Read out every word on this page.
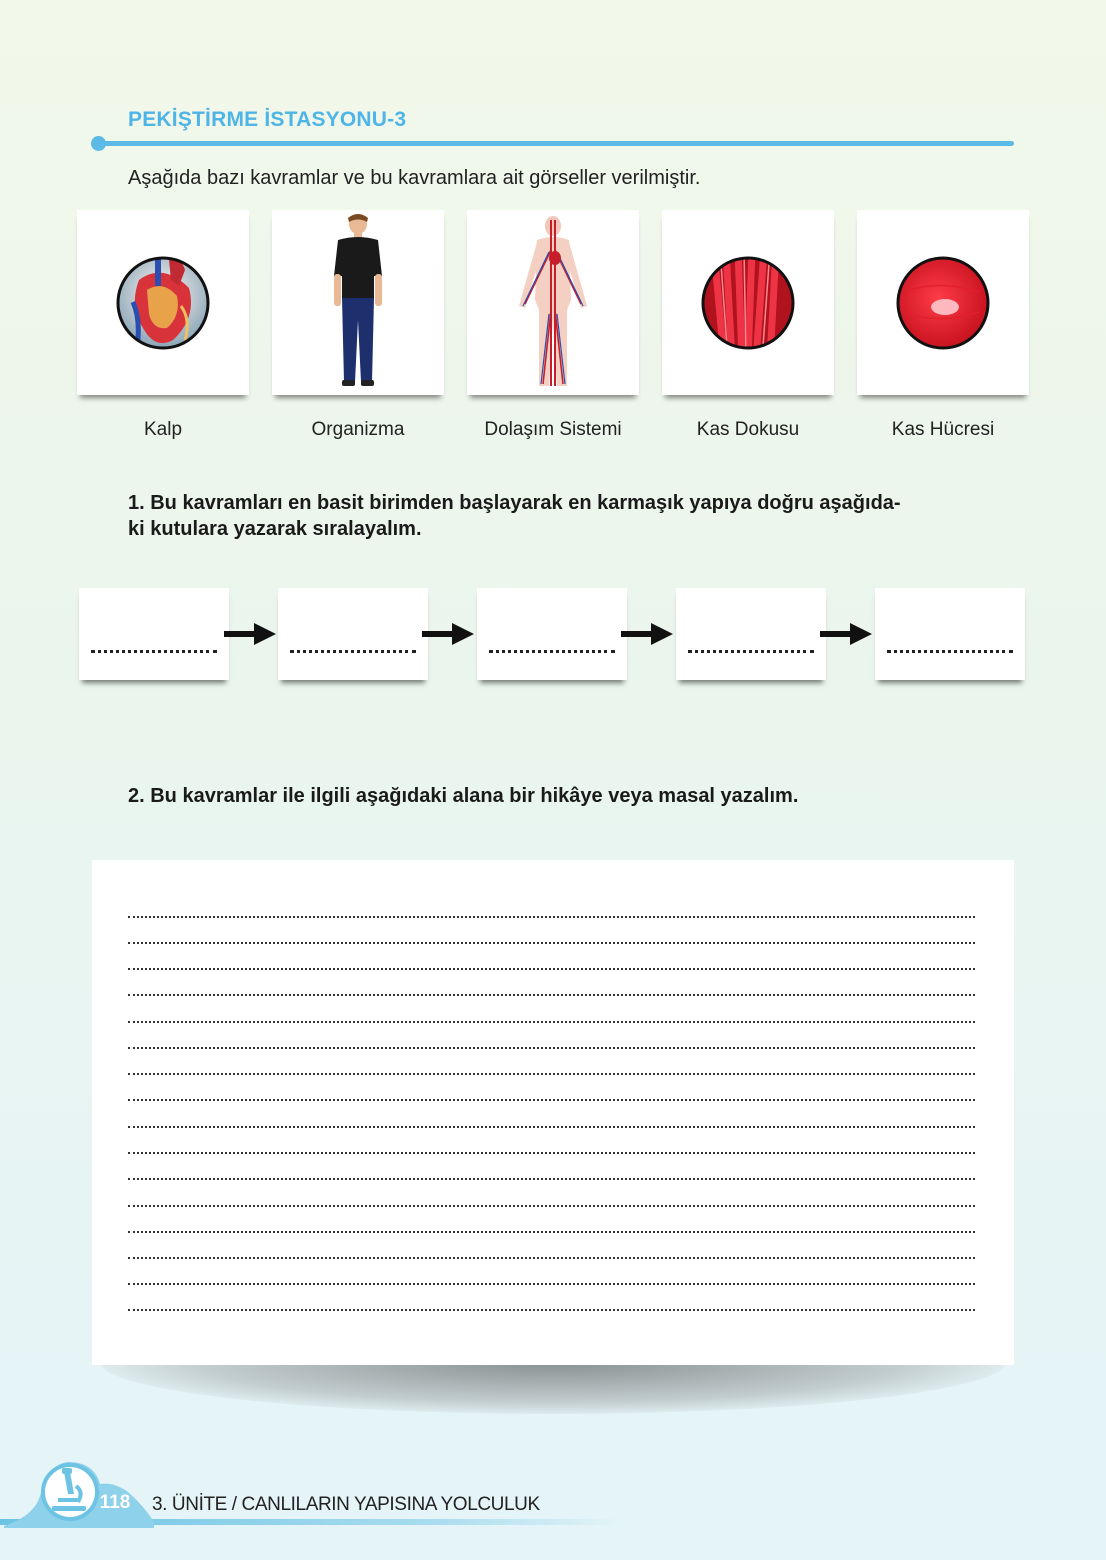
PEKİŞTİRME İSTASYONU-3
Aşağıda bazı kavramlar ve bu kavramlara ait görseller verilmiştir.
Kalp	Organizma	Dolaşım Sistemi	Kas Dokusu	Kas Hücresi
1. Bu kavramları en basit birimden başlayarak en karmaşık yapıya doğru aşağıda-
ki kutulara yazarak sıralayalım.
2. Bu kavramlar ile ilgili aşağıdaki alana bir hikâye veya masal yazalım.
118 3. ÜNİTE / CANLILARIN YAPISINA YOLCULUK
